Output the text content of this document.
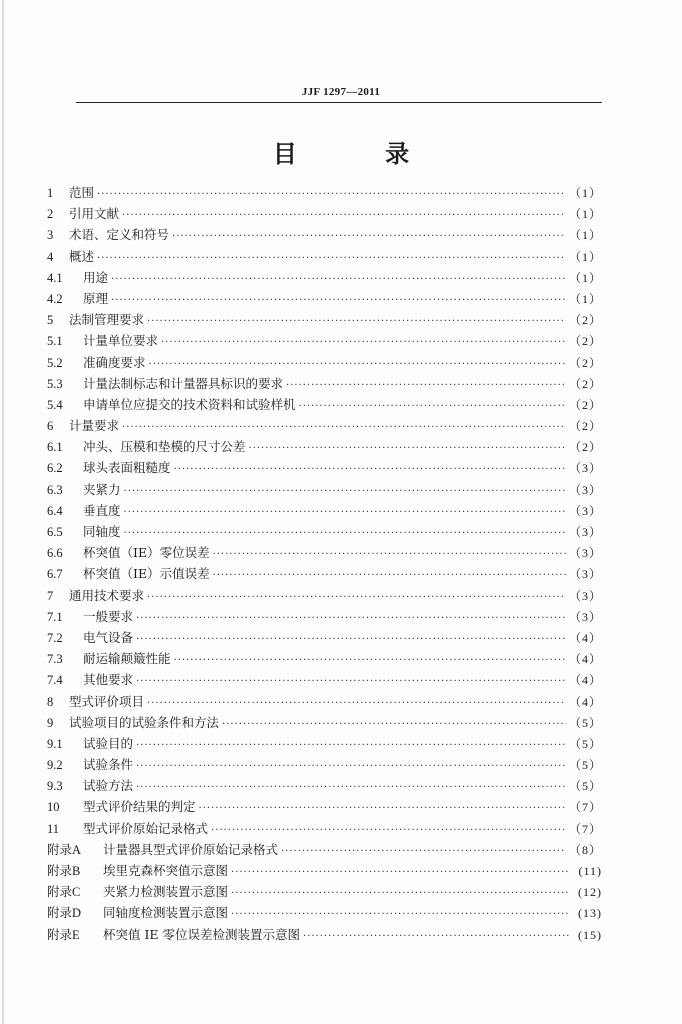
JJF 1297—2011
目 录
1	范围 ·····	（1）
2	引用文献 ·····	（1）
3	术语、定义和符号 ·····	（1）
4	概述 ·····	（1）
4.1	用途 ·····	（1）
4.2	原理 ·····	（1）
5	法制管理要求 ·····	（2）
5.1	计量单位要求 ·····	（2）
5.2	准确度要求 ·····	（2）
5.3	计量法制标志和计量器具标识的要求 ·····	（2）
5.4	申请单位应提交的技术资料和试验样机 ·····	（2）
6	计量要求 ·····	（2）
6.1	冲头、压模和垫模的尺寸公差 ·····	（2）
6.2	球头表面粗糙度 ·····	（3）
6.3	夹紧力 ·····	（3）
6.4	垂直度 ·····	（3）
6.5	同轴度 ·····	（3）
6.6	杯突值（IE）零位误差 ·····	（3）
6.7	杯突值（IE）示值误差 ·····	（3）
7	通用技术要求 ·····	（3）
7.1	一般要求 ·····	（3）
7.2	电气设备 ·····	（4）
7.3	耐运输颠簸性能 ·····	（4）
7.4	其他要求 ·····	（4）
8	型式评价项目 ·····	（4）
9	试验项目的试验条件和方法 ·····	（5）
9.1	试验目的 ·····	（5）
9.2	试验条件 ·····	（5）
9.3	试验方法 ·····	（5）
10	型式评价结果的判定 ·····	（7）
11	型式评价原始记录格式 ·····	（7）
附录A	计量器具型式评价原始记录格式 ·····	（8）
附录B	埃里克森杯突值示意图 ·····	(11)
附录C	夹紧力检测装置示意图 ·····	(12)
附录D	同轴度检测装置示意图 ·····	(13)
附录E	杯突值 IE 零位误差检测装置示意图 ·····	(15)
